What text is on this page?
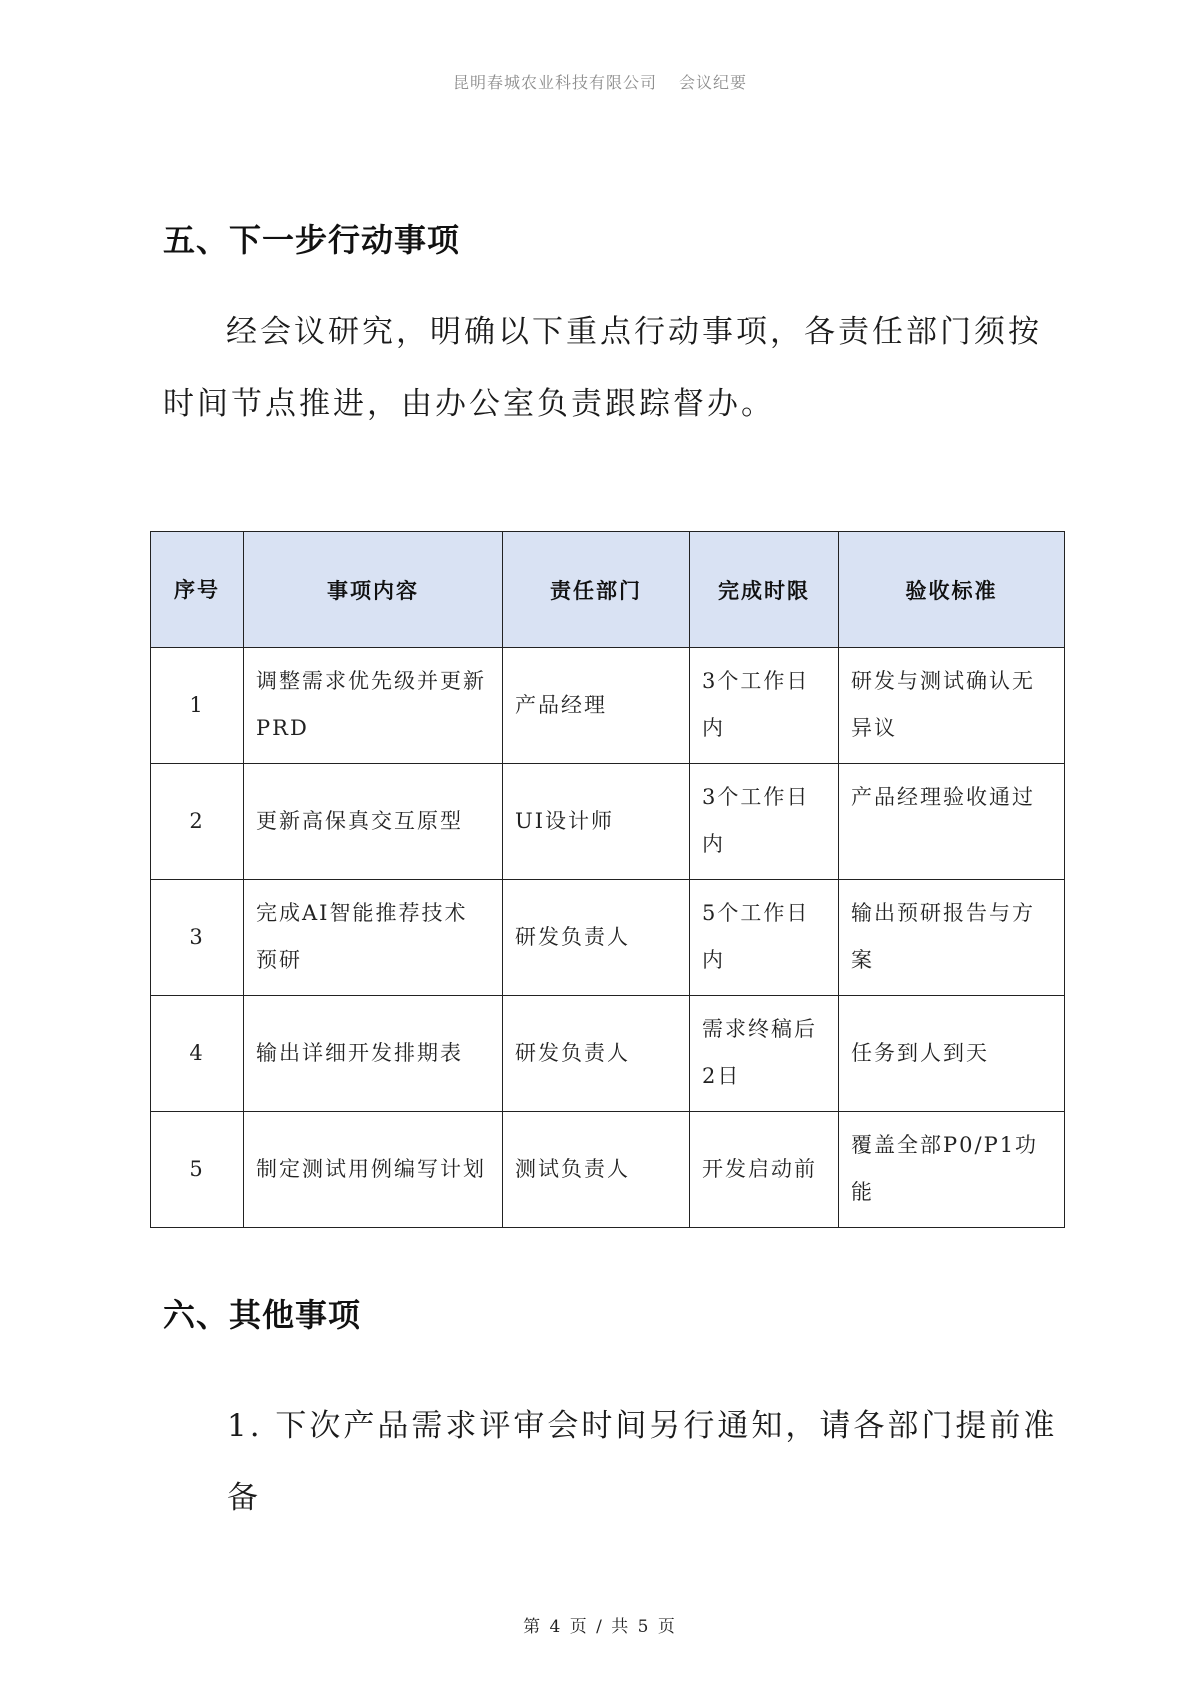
昆明春城农业科技有限公司 会议纪要
五、下一步行动事项
经会议研究，明确以下重点行动事项，各责任部门须按时间节点推进，由办公室负责跟踪督办。
序号	事项内容	责任部门	完成时限	验收标准
1	调整需求优先级并更新PRD	产品经理	3个工作日内	研发与测试确认无异议
2	更新高保真交互原型	UI设计师	3个工作日内	产品经理验收通过
3	完成AI智能推荐技术预研	研发负责人	5个工作日内	输出预研报告与方案
4	输出详细开发排期表	研发负责人	需求终稿后2日	任务到人到天
5	制定测试用例编写计划	测试负责人	开发启动前	覆盖全部P0/P1功能
六、其他事项
1. 下次产品需求评审会时间另行通知，请各部门提前准备
第 4 页 / 共 5 页
